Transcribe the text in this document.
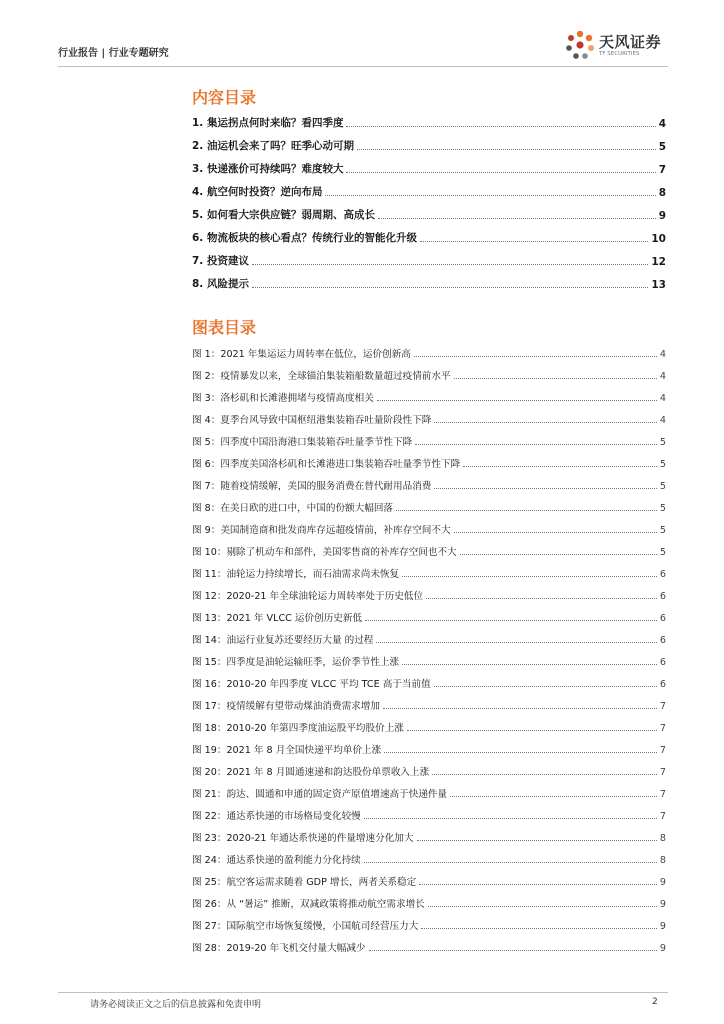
行业报告 | 行业专题研究
天风证券
TF SECURITIES
内容目录
1. 集运拐点何时来临？看四季度	4
2. 油运机会来了吗？旺季心动可期	5
3. 快递涨价可持续吗？难度较大	7
4. 航空何时投资？逆向布局	8
5. 如何看大宗供应链？弱周期、高成长	9
6. 物流板块的核心看点？传统行业的智能化升级	10
7. 投资建议	12
8. 风险提示	13
图表目录
图 1：2021 年集运运力周转率在低位，运价创新高	4
图 2：疫情暴发以来，全球锚泊集装箱船数量超过疫情前水平	4
图 3：洛杉矶和长滩港拥堵与疫情高度相关	4
图 4：夏季台风导致中国枢纽港集装箱吞吐量阶段性下降	4
图 5：四季度中国沿海港口集装箱吞吐量季节性下降	5
图 6：四季度美国洛杉矶和长滩港进口集装箱吞吐量季节性下降	5
图 7：随着疫情缓解，美国的服务消费在替代耐用品消费	5
图 8：在美日欧的进口中，中国的份额大幅回落	5
图 9：美国制造商和批发商库存远超疫情前，补库存空间不大	5
图 10：剔除了机动车和部件，美国零售商的补库存空间也不大	5
图 11：油轮运力持续增长，而石油需求尚未恢复	6
图 12：2020-21 年全球油轮运力周转率处于历史低位	6
图 13：2021 年 VLCC 运价创历史新低	6
图 14：油运行业复苏还要经历大量 的过程	6
图 15：四季度是油轮运输旺季，运价季节性上涨	6
图 16：2010-20 年四季度 VLCC 平均 TCE 高于当前值	6
图 17：疫情缓解有望带动煤油消费需求增加	7
图 18：2010-20 年第四季度油运股平均股价上涨	7
图 19：2021 年 8 月全国快递平均单价上涨	7
图 20：2021 年 8 月圆通速递和韵达股份单票收入上涨	7
图 21：韵达、圆通和申通的固定资产原值增速高于快递件量	7
图 22：通达系快递的市场格局变化较慢	7
图 23：2020-21 年通达系快递的件量增速分化加大	8
图 24：通达系快递的盈利能力分化持续	8
图 25：航空客运需求随着 GDP 增长，两者关系稳定	9
图 26：从 “暑运” 推断，双减政策将推动航空需求增长	9
图 27：国际航空市场恢复缓慢，小国航司经营压力大	9
图 28：2019-20 年飞机交付量大幅减少	9
请务必阅读正文之后的信息披露和免责申明	2
